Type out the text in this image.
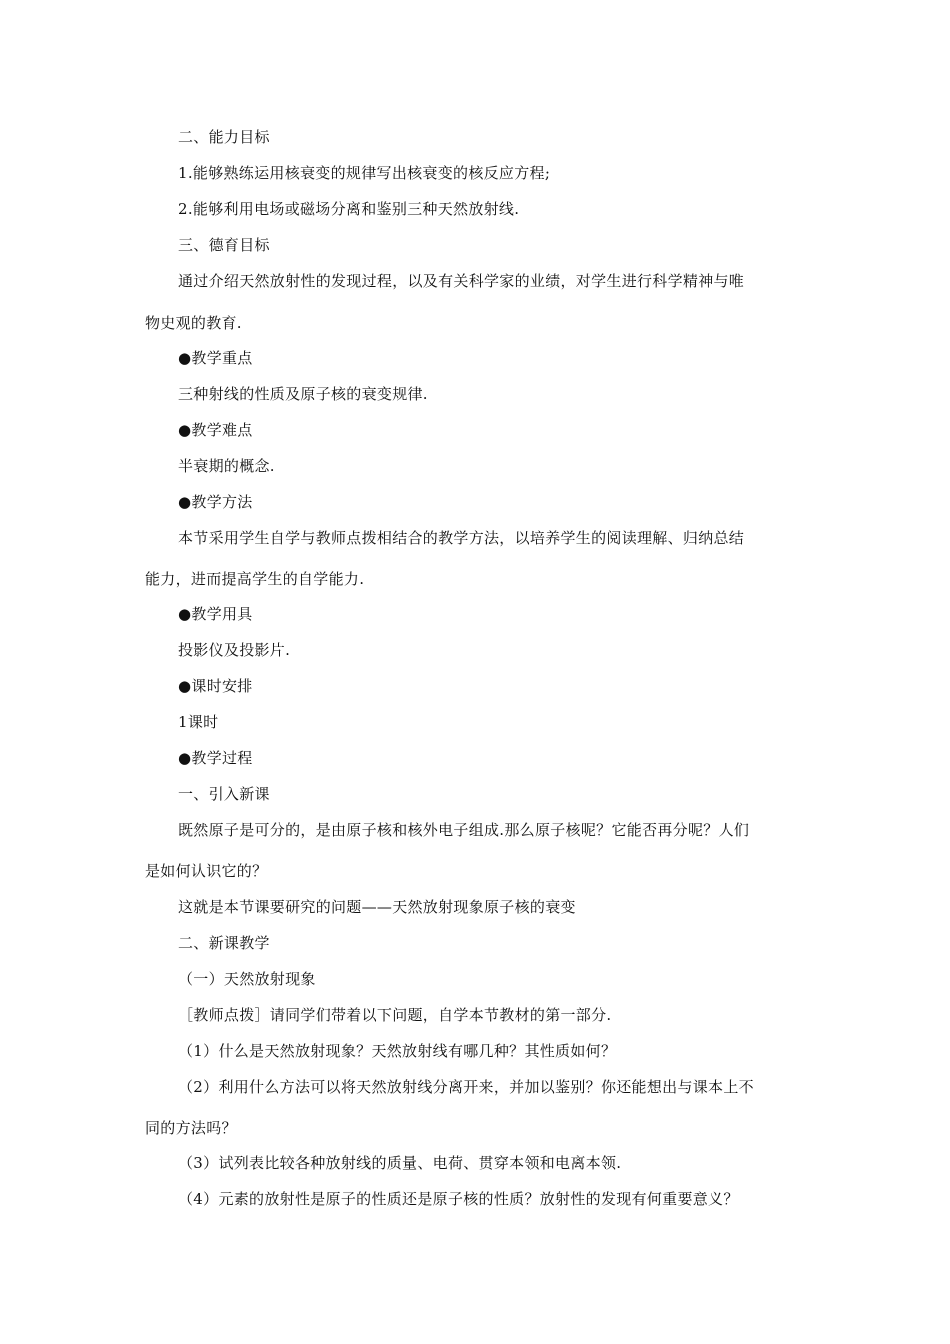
二、能力目标
1.能够熟练运用核衰变的规律写出核衰变的核反应方程;
2.能够利用电场或磁场分离和鉴别三种天然放射线.
三、德育目标
通过介绍天然放射性的发现过程，以及有关科学家的业绩，对学生进行科学精神与唯
物史观的教育.
●教学重点
三种射线的性质及原子核的衰变规律.
●教学难点
半衰期的概念.
●教学方法
本节采用学生自学与教师点拨相结合的教学方法，以培养学生的阅读理解、归纳总结
能力，进而提高学生的自学能力.
●教学用具
投影仪及投影片.
●课时安排
1课时
●教学过程
一、引入新课
既然原子是可分的，是由原子核和核外电子组成.那么原子核呢？它能否再分呢？人们
是如何认识它的？
这就是本节课要研究的问题——天然放射现象原子核的衰变
二、新课教学
（一）天然放射现象
［教师点拨］请同学们带着以下问题，自学本节教材的第一部分.
（1）什么是天然放射现象？天然放射线有哪几种？其性质如何？
（2）利用什么方法可以将天然放射线分离开来，并加以鉴别？你还能想出与课本上不
同的方法吗？
（3）试列表比较各种放射线的质量、电荷、贯穿本领和电离本领.
（4）元素的放射性是原子的性质还是原子核的性质？放射性的发现有何重要意义？
